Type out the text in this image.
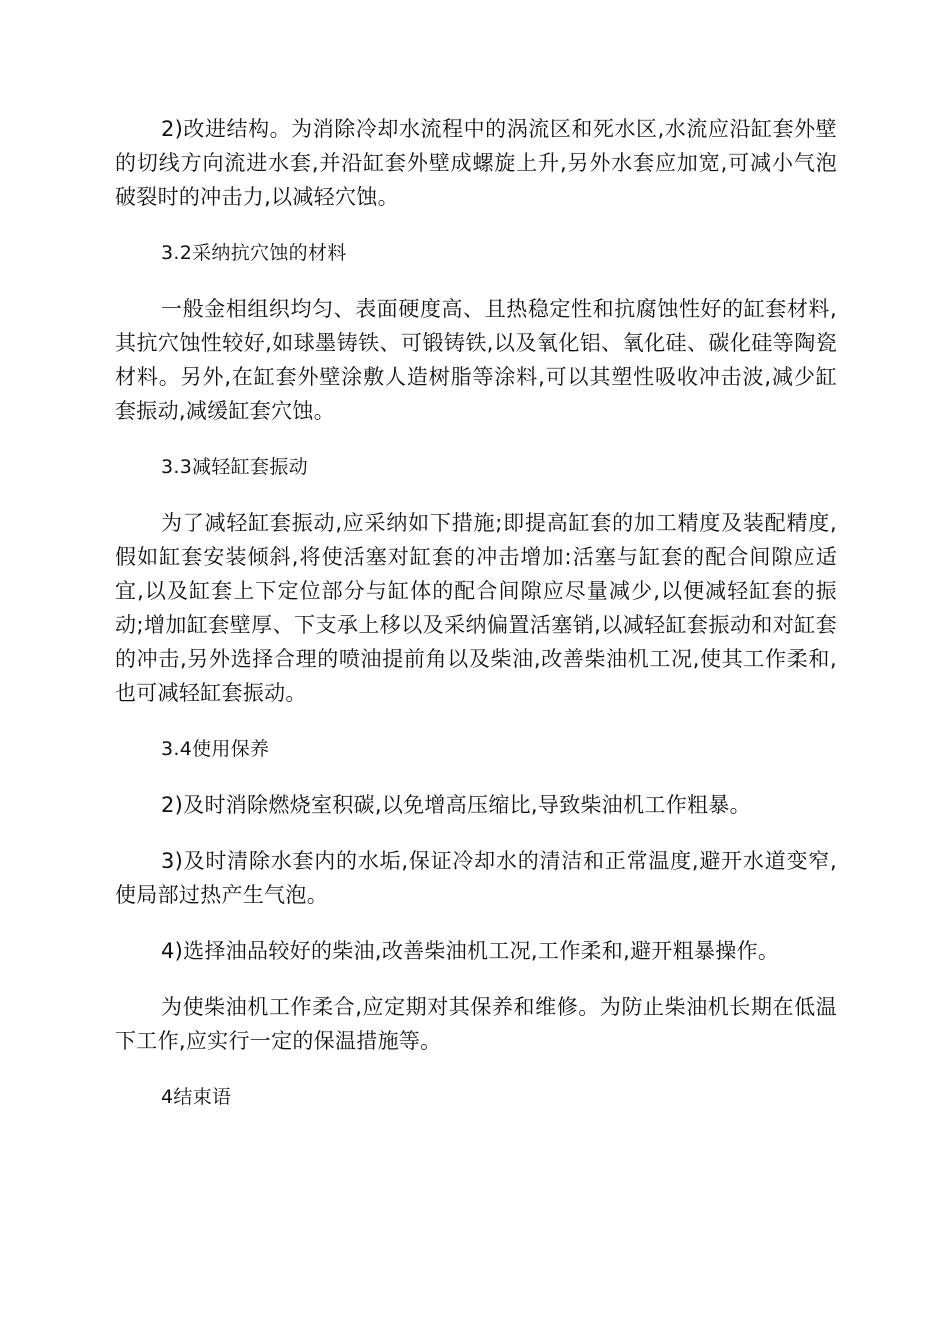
2)改进结构。为消除冷却水流程中的涡流区和死水区,水流应沿缸套外壁的切线方向流进水套,并沿缸套外壁成螺旋上升,另外水套应加宽,可减小气泡破裂时的冲击力,以减轻穴蚀。

3.2采纳抗穴蚀的材料

一般金相组织均匀、表面硬度高、且热稳定性和抗腐蚀性好的缸套材料,其抗穴蚀性较好,如球墨铸铁、可锻铸铁,以及氧化铝、氧化硅、碳化硅等陶瓷材料。另外,在缸套外壁涂敷人造树脂等涂料,可以其塑性吸收冲击波,减少缸套振动,减缓缸套穴蚀。

3.3减轻缸套振动

为了减轻缸套振动,应采纳如下措施;即提高缸套的加工精度及装配精度,假如缸套安装倾斜,将使活塞对缸套的冲击增加:活塞与缸套的配合间隙应适宜,以及缸套上下定位部分与缸体的配合间隙应尽量减少,以便减轻缸套的振动;增加缸套壁厚、下支承上移以及采纳偏置活塞销,以减轻缸套振动和对缸套的冲击,另外选择合理的喷油提前角以及柴油,改善柴油机工况,使其工作柔和,也可减轻缸套振动。

3.4使用保养

2)及时消除燃烧室积碳,以免增高压缩比,导致柴油机工作粗暴。

3)及时清除水套内的水垢,保证冷却水的清洁和正常温度,避开水道变窄,使局部过热产生气泡。

4)选择油品较好的柴油,改善柴油机工况,工作柔和,避开粗暴操作。

为使柴油机工作柔合,应定期对其保养和维修。为防止柴油机长期在低温下工作,应实行一定的保温措施等。

4结束语
